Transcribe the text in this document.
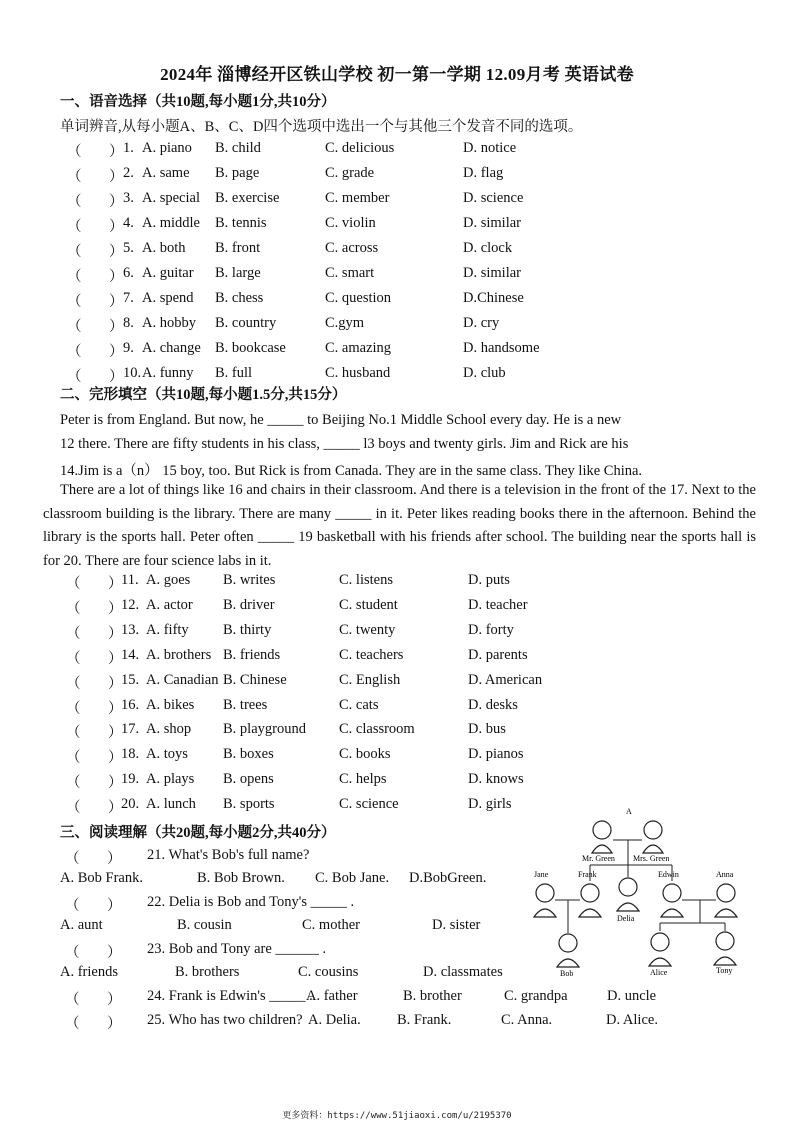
2024年 淄博经开区铁山学校 初一第一学期 12.09月考 英语试卷
一、语音选择（共10题,每小题1分,共10分）
单词辨音,从每小题A、B、C、D四个选项中选出一个与其他三个发音不同的选项。
（ ） 1. A. piano B. child	C. delicious	D. notice
（ ） 2. A. same B. page	C. grade	D. flag
（ ） 3. A. special B. exercise	C. member	D. science
（ ） 4. A. middle B. tennis	C. violin	D. similar
（ ） 5. A. both B. front	C. across	D. clock
（ ） 6. A. guitar B. large	C. smart	D. similar
（ ） 7. A. spend B. chess	C. question	D.Chinese
（ ） 8. A. hobby B. country	C.gym	D. cry
（ ） 9. A. change B. bookcase	C. amazing	D. handsome
（ ） 10. A. funny B. full	C. husband	D. club
二、完形填空（共10题,每小题1.5分,共15分）
Peter is from England. But now, he _____ to Beijing No.1 Middle School every day. He is a new
12 there. There are fifty students in his class, _____ l3 boys and twenty girls. Jim and Rick are his
14.Jim is a（n） 15 boy, too. But Rick is from Canada. They are in the same class. They like China.
There are a lot of things like 16 and chairs in their classroom. And there is a television in the front of the 17. Next to the classroom building is the library. There are many _____ in it. Peter likes reading books there in the afternoon. Behind the library is the sports hall. Peter often _____ 19 basketball with his friends after school. The building near the sports hall is for 20. There are four science labs in it.
（ ）
11. A. goes B. writes	C. listens	D. puts
（ ）
12. A. actor B. driver	C. student	D. teacher
（ ）
13. A. fifty B. thirty	C. twenty	D. forty
（ ）
14. A. brothers B. friends	C. teachers	D. parents
（ ）
15. A. Canadian B. Chinese	C. English	D. American
（ ）
16. A. bikes B. trees	C. cats	D. desks
（ ）
17. A. shop B. playground C. classroom	D. bus
（ ）
18. A. toys B. boxes	C. books	D. pianos
（ ）
19. A. plays B. opens	C. helps	D. knows
（ ）
20. A. lunch B. sports	C. science	D. girls
三、阅读理解（共20题,每小题2分,共40分）
（ ） 21. What's Bob's full name?
A. Bob Frank.	B. Bob Brown. C. Bob Jane. D.BobGreen.
（ ） 22. Delia is Bob and Tony's _____ .
A. aunt	B. cousin	C. mother	D. sister
（ ） 23. Bob and Tony are ______ .
A. friends	B. brothers	C. cousins	D. classmates
（ ） 24. Frank is Edwin's _____ .
A. father	B. brother	C. grandpa	D. uncle
（ ） 25. Who has two children? A. Delia.	B. Frank.	C. Anna.	D. Alice.
A
Mr. Green Mrs. Green
Jane	Frank
Delia
Edwin	Anna
Bob	Alice	Tony
更多资料：https://www.51jiaoxi.com/u/2195370
